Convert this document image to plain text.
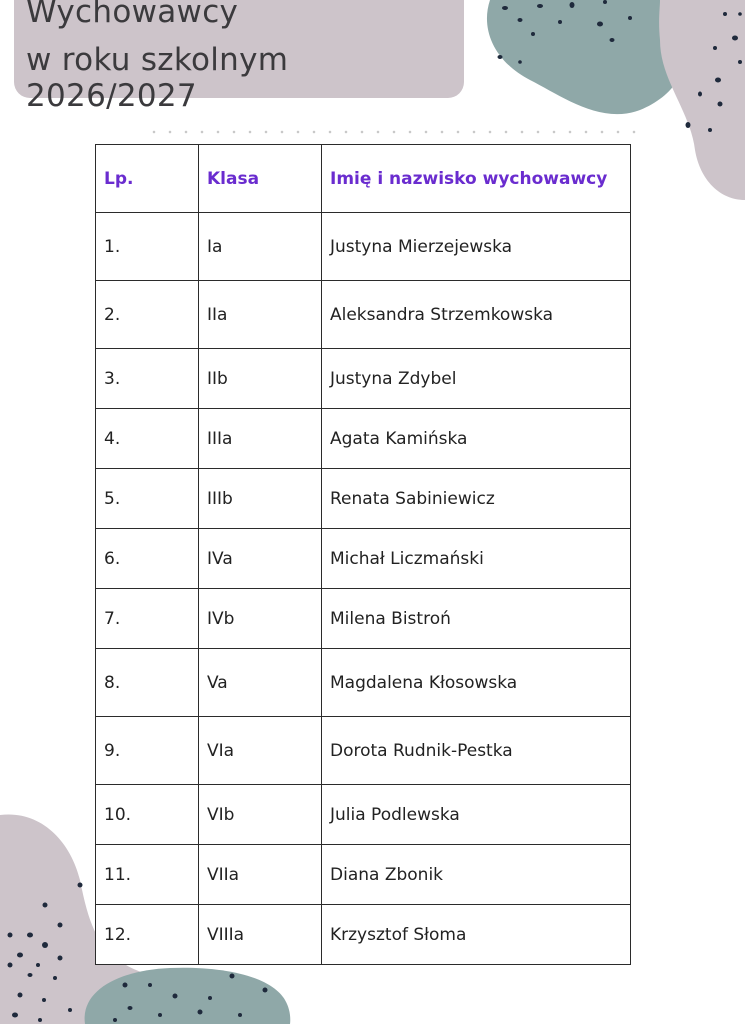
Wychowawcy
w roku szkolnym 2026/2027
Lp.	Klasa	Imię i nazwisko wychowawcy
1.	Ia	Justyna Mierzejewska
2.	IIa	Aleksandra Strzemkowska
3.	IIb	Justyna Zdybel
4.	IIIa	Agata Kamińska
5.	IIIb	Renata Sabiniewicz
6.	IVa	Michał Liczmański
7.	IVb	Milena Bistroń
8.	Va	Magdalena Kłosowska
9.	VIa	Dorota Rudnik-Pestka
10.	VIb	Julia Podlewska
11.	VIIa	Diana Zbonik
12.	VIIIa	Krzysztof Słoma
